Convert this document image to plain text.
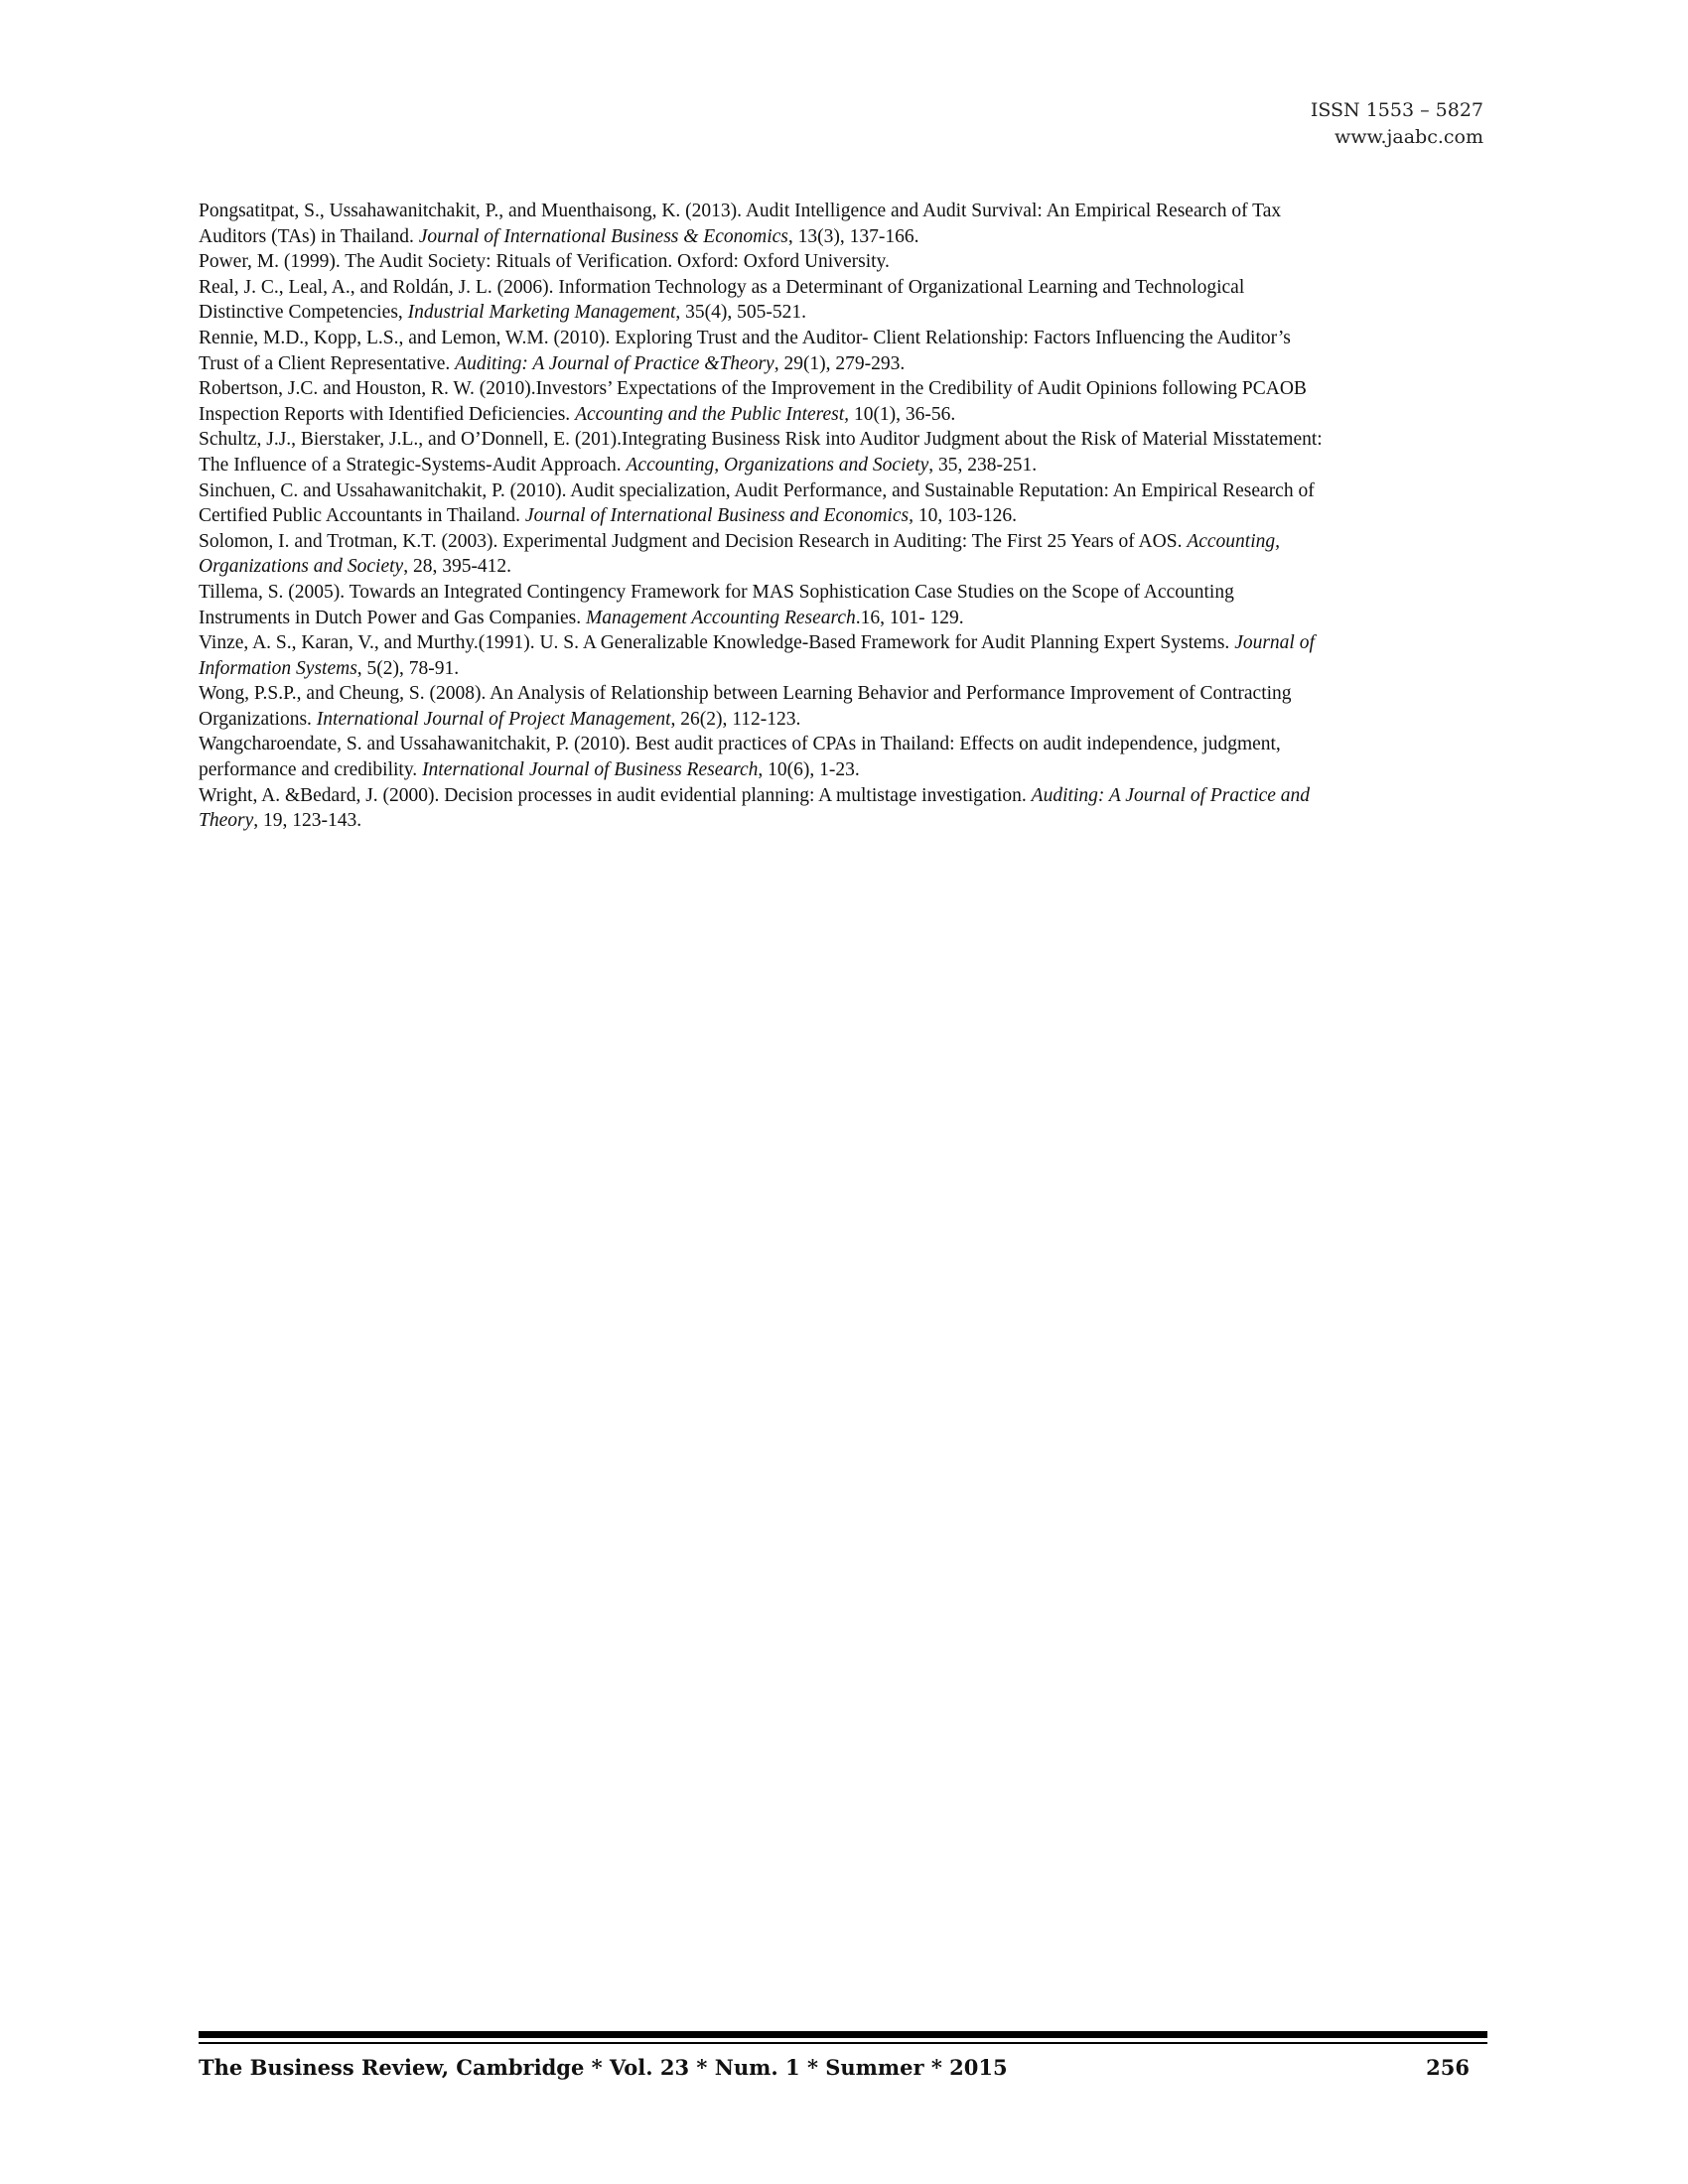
ISSN 1553 – 5827
www.jaabc.com

Pongsatitpat, S., Ussahawanitchakit, P., and Muenthaisong, K. (2013). Audit Intelligence and Audit Survival: An Empirical Research of Tax
Auditors (TAs) in Thailand. Journal of International Business & Economics, 13(3), 137-166.

Power, M. (1999). The Audit Society: Rituals of Verification. Oxford: Oxford University.

Real, J. C., Leal, A., and Roldán, J. L. (2006). Information Technology as a Determinant of Organizational Learning and Technological
Distinctive Competencies, Industrial Marketing Management, 35(4), 505-521.

Rennie, M.D., Kopp, L.S., and Lemon, W.M. (2010). Exploring Trust and the Auditor- Client Relationship: Factors Influencing the Auditor’s
Trust of a Client Representative. Auditing: A Journal of Practice &Theory, 29(1), 279-293.

Robertson, J.C. and Houston, R. W. (2010).Investors’ Expectations of the Improvement in the Credibility of Audit Opinions following PCAOB
Inspection Reports with Identified Deficiencies. Accounting and the Public Interest, 10(1), 36-56.

Schultz, J.J., Bierstaker, J.L., and O’Donnell, E. (201).Integrating Business Risk into Auditor Judgment about the Risk of Material Misstatement:
The Influence of a Strategic-Systems-Audit Approach. Accounting, Organizations and Society, 35, 238-251.

Sinchuen, C. and Ussahawanitchakit, P. (2010). Audit specialization, Audit Performance, and Sustainable Reputation: An Empirical Research of
Certified Public Accountants in Thailand. Journal of International Business and Economics, 10, 103-126.

Solomon, I. and Trotman, K.T. (2003). Experimental Judgment and Decision Research in Auditing: The First 25 Years of AOS. Accounting,
Organizations and Society, 28, 395-412.

Tillema, S. (2005). Towards an Integrated Contingency Framework for MAS Sophistication Case Studies on the Scope of Accounting
Instruments in Dutch Power and Gas Companies. Management Accounting Research.16, 101- 129.

Vinze, A. S., Karan, V., and Murthy.(1991). U. S. A Generalizable Knowledge-Based Framework for Audit Planning Expert Systems. Journal of
Information Systems, 5(2), 78-91.

Wong, P.S.P., and Cheung, S. (2008). An Analysis of Relationship between Learning Behavior and Performance Improvement of Contracting
Organizations. International Journal of Project Management, 26(2), 112-123.

Wangcharoendate, S. and Ussahawanitchakit, P. (2010). Best audit practices of CPAs in Thailand: Effects on audit independence, judgment,
performance and credibility. International Journal of Business Research, 10(6), 1-23.

Wright, A. &Bedard, J. (2000). Decision processes in audit evidential planning: A multistage investigation. Auditing: A Journal of Practice and
Theory, 19, 123-143.

The Business Review, Cambridge * Vol. 23 * Num. 1 * Summer * 2015	256
